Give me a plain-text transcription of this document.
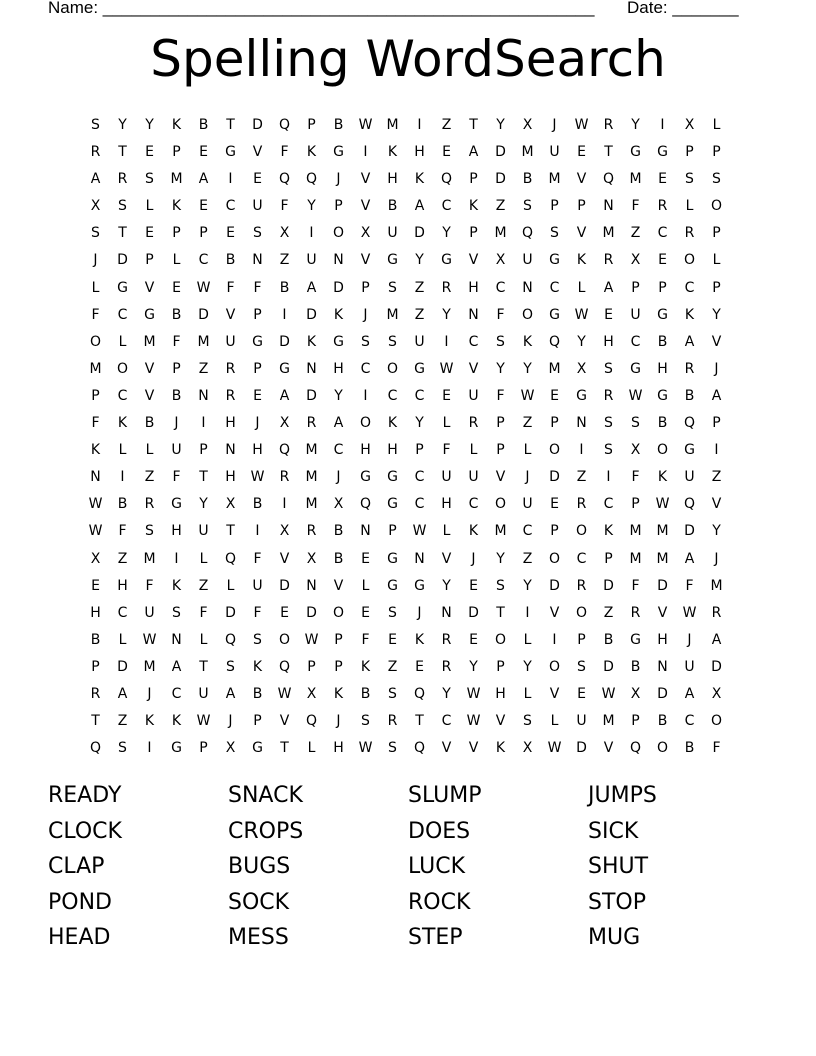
Name: ____________________________________________________ Date: _______
Spelling WordSearch
S	Y	Y	K	B	T	D	Q	P	B	W	M	I	Z	T	Y	X	J	W	R	Y	I	X	L
R	T	E	P	E	G	V	F	K	G	I	K	H	E	A	D	M	U	E	T	G	G	P	P
A	R	S	M	A	I	E	Q	Q	J	V	H	K	Q	P	D	B	M	V	Q	M	E	S	S
X	S	L	K	E	C	U	F	Y	P	V	B	A	C	K	Z	S	P	P	N	F	R	L	O
S	T	E	P	P	E	S	X	I	O	X	U	D	Y	P	M	Q	S	V	M	Z	C	R	P
J	D	P	L	C	B	N	Z	U	N	V	G	Y	G	V	X	U	G	K	R	X	E	O	L
L	G	V	E	W	F	F	B	A	D	P	S	Z	R	H	C	N	C	L	A	P	P	C	P
F	C	G	B	D	V	P	I	D	K	J	M	Z	Y	N	F	O	G	W	E	U	G	K	Y
O	L	M	F	M	U	G	D	K	G	S	S	U	I	C	S	K	Q	Y	H	C	B	A	V
M	O	V	P	Z	R	P	G	N	H	C	O	G	W	V	Y	Y	M	X	S	G	H	R	J
P	C	V	B	N	R	E	A	D	Y	I	C	C	E	U	F	W	E	G	R	W	G	B	A
F	K	B	J	I	H	J	X	R	A	O	K	Y	L	R	P	Z	P	N	S	S	B	Q	P
K	L	L	U	P	N	H	Q	M	C	H	H	P	F	L	P	L	O	I	S	X	O	G	I
N	I	Z	F	T	H	W	R	M	J	G	G	C	U	U	V	J	D	Z	I	F	K	U	Z
W	B	R	G	Y	X	B	I	M	X	Q	G	C	H	C	O	U	E	R	C	P	W	Q	V
W	F	S	H	U	T	I	X	R	B	N	P	W	L	K	M	C	P	O	K	M	M	D	Y
X	Z	M	I	L	Q	F	V	X	B	E	G	N	V	J	Y	Z	O	C	P	M	M	A	J
E	H	F	K	Z	L	U	D	N	V	L	G	G	Y	E	S	Y	D	R	D	F	D	F	M
H	C	U	S	F	D	F	E	D	O	E	S	J	N	D	T	I	V	O	Z	R	V	W	R
B	L	W	N	L	Q	S	O	W	P	F	E	K	R	E	O	L	I	P	B	G	H	J	A
P	D	M	A	T	S	K	Q	P	P	K	Z	E	R	Y	P	Y	O	S	D	B	N	U	D
R	A	J	C	U	A	B	W	X	K	B	S	Q	Y	W	H	L	V	E	W	X	D	A	X
T	Z	K	K	W	J	P	V	Q	J	S	R	T	C	W	V	S	L	U	M	P	B	C	O
Q	S	I	G	P	X	G	T	L	H	W	S	Q	V	V	K	X	W	D	V	Q	O	B	F
READY	SNACK	SLUMP	JUMPS
CLOCK	CROPS	DOES	SICK
CLAP	BUGS	LUCK	SHUT
POND	SOCK	ROCK	STOP
HEAD	MESS	STEP	MUG
